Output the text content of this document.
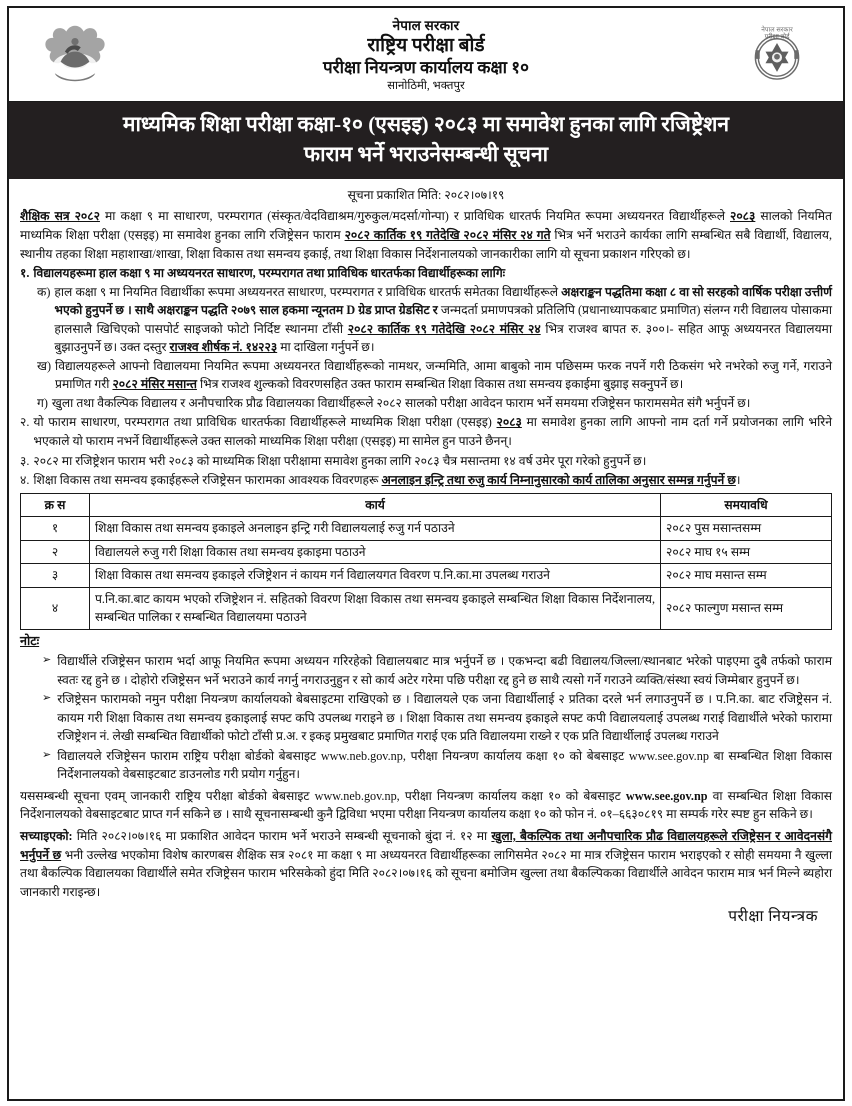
नेपाल सरकार
राष्ट्रिय परीक्षा बोर्ड
परीक्षा नियन्त्रण कार्यालय कक्षा १०
सानोठिमी, भक्तपुर
नेपाल सरकार
परीक्षा बोर्ड
माध्यमिक शिक्षा परीक्षा कक्षा-१० (एसइइ) २०८३ मा समावेश हुनका लागि रजिष्ट्रेशन
फाराम भर्ने भराउनेसम्बन्धी सूचना
सूचना प्रकाशित मिति: २०८२।०७।१९

शैक्षिक सत्र २०८२ मा कक्षा ९ मा साधारण, परम्परागत (संस्कृत/वेदविद्याश्रम/गुरुकुल/मदर्सा/गोन्पा) र प्राविधिक धारतर्फ नियमित रूपमा अध्ययनरत विद्यार्थीहरूले २०८३ सालको नियमित माध्यमिक शिक्षा परीक्षा (एसइइ) मा समावेश हुनका लागि रजिष्ट्रेसन फाराम २०८२ कार्तिक १९ गतेदेखि २०८२ मंसिर २४ गते भित्र भर्ने भराउने कार्यका लागि सम्बन्धित सबै विद्यार्थी, विद्यालय, स्थानीय तहका शिक्षा महाशाखा/शाखा, शिक्षा विकास तथा समन्वय इकाई, तथा शिक्षा विकास निर्देशनालयको जानकारीका लागि यो सूचना प्रकाशन गरिएको छ।

१. विद्यालयहरूमा हाल कक्षा ९ मा अध्ययनरत साधारण, परम्परागत तथा प्राविधिक धारतर्फका विद्यार्थीहरूका लागिः
क) हाल कक्षा ९ मा नियमित विद्यार्थीका रूपमा अध्ययनरत साधारण, परम्परागत र प्राविधिक धारतर्फ समेतका विद्यार्थीहरूले अक्षराङ्कन पद्धतिमा कक्षा ८ वा सो सरहको वार्षिक परीक्षा उत्तीर्ण भएको हुनुपर्ने छ । साथै अक्षराङ्कन पद्धति २०७९ साल हकमा न्यूनतम D ग्रेड प्राप्त ग्रेडसिट र जन्मदर्ता प्रमाणपत्रको प्रतिलिपि (प्रधानाध्यापकबाट प्रमाणित) संलग्न गरी विद्यालय पोसाकमा हालसालै खिचिएको पासपोर्ट साइजको फोटो निर्दिष्ट स्थानमा टाँसी २०८२ कार्तिक १९ गतेदेखि २०८२ मंसिर २४ भित्र राजश्व बापत रु. ३००।- सहित आफू अध्ययनरत विद्यालयमा बुझाउनुपर्ने छ। उक्त दस्तुर राजश्व शीर्षक नं. १४२२३ मा दाखिला गर्नुपर्ने छ।
ख) विद्यालयहरूले आफ्नो विद्यालयमा नियमित रूपमा अध्ययनरत विद्यार्थीहरूको नामथर, जन्ममिति, आमा बाबुको नाम पछिसम्म फरक नपर्ने गरी ठिकसंग भरे नभरेको रुजु गर्ने, गराउने प्रमाणित गरी २०८२ मंसिर मसान्त भित्र राजश्व शुल्कको विवरणसहित उक्त फाराम सम्बन्धित शिक्षा विकास तथा समन्वय इकाईमा बुझाइ सक्नुपर्ने छ।
ग) खुला तथा वैकल्पिक विद्यालय र अनौपचारिक प्रौढ विद्यालयका विद्यार्थीहरूले २०८२ सालको परीक्षा आवेदन फाराम भर्ने समयमा रजिष्ट्रेसन फारामसमेत संगै भर्नुपर्ने छ।
२. यो फाराम साधारण, परम्परागत तथा प्राविधिक धारतर्फका विद्यार्थीहरूले माध्यमिक शिक्षा परीक्षा (एसइइ) २०८३ मा समावेश हुनका लागि आफ्नो नाम दर्ता गर्ने प्रयोजनका लागि भरिने भएकाले यो फाराम नभर्ने विद्यार्थीहरूले उक्त सालको माध्यमिक शिक्षा परीक्षा (एसइइ) मा सामेल हुन पाउने छैनन्।
३. २०८२ मा रजिष्ट्रेशन फाराम भरी २०८३ को माध्यमिक शिक्षा परीक्षामा समावेश हुनका लागि २०८३ चैत्र मसान्तमा १४ वर्ष उमेर पूरा गरेको हुनुपर्ने छ।
४. शिक्षा विकास तथा समन्वय इकाईहरूले रजिष्ट्रेसन फारामका आवश्यक विवरणहरू अनलाइन इन्ट्रि तथा रुजु कार्य निम्नानुसारको कार्य तालिका अनुसार सम्मन्न गर्नुपर्ने छ।
क्र स	कार्य	समयावधि
१	शिक्षा विकास तथा समन्वय इकाइले अनलाइन इन्ट्रि गरी विद्यालयलाई रुजु गर्न पठाउने	२०८२ पुस मसान्तसम्म
२	विद्यालयले रुजु गरी शिक्षा विकास तथा समन्वय इकाइमा पठाउने	२०८२ माघ १५ सम्म
३	शिक्षा विकास तथा समन्वय इकाइले रजिष्ट्रेशन नं कायम गर्न विद्यालयगत विवरण प.नि.का.मा उपलब्ध गराउने	२०८२ माघ मसान्त सम्म
४	प.नि.का.बाट कायम भएको रजिष्ट्रेशन नं. सहितको विवरण शिक्षा विकास तथा समन्वय इकाइले सम्बन्धित शिक्षा विकास निर्देशनालय, सम्बन्धित पालिका र सम्बन्धित विद्यालयमा पठाउने	२०८२ फाल्गुण मसान्त सम्म
नोटः
➢ विद्यार्थीले रजिष्ट्रेसन फाराम भर्दा आफू नियमित रूपमा अध्ययन गरिरहेको विद्यालयबाट मात्र भर्नुपर्ने छ । एकभन्दा बढी विद्यालय/जिल्ला/स्थानबाट भरेको पाइएमा दुबै तर्फको फाराम स्वतः रद्द हुने छ । दोहोरो रजिष्ट्रेसन भर्ने भराउने कार्य नगर्नु नगराउनुहुन र सो कार्य अटेर गरेमा पछि परीक्षा रद्द हुने छ साथै त्यसो गर्ने गराउने व्यक्ति/संस्था स्वयं जिम्मेबार हुनुपर्ने छ।
➢ रजिष्ट्रेसन फारामको नमुन परीक्षा नियन्त्रण कार्यालयको बेबसाइटमा राखिएको छ । विद्यालयले एक जना विद्यार्थीलाई २ प्रतिका दरले भर्न लगाउनुपर्ने छ । प.नि.का. बाट रजिष्ट्रेसन नं. कायम गरी शिक्षा विकास तथा समन्वय इकाइलाई सफ्ट कपि उपलब्ध गराइने छ । शिक्षा विकास तथा समन्वय इकाइले सफ्ट कपी विद्यालयलाई उपलब्ध गराई विद्यार्थीले भरेको फारामा रजिष्ट्रेशन नं. लेखी सम्बन्धित विद्यार्थीको फोटो टाँसी प्र.अ. र इकइ प्रमुखबाट प्रमाणित गराई एक प्रति विद्यालयमा राख्ने र एक प्रति विद्यार्थीलाई उपलब्ध गराउने
➢ विद्यालयले रजिष्ट्रेसन फाराम राष्ट्रिय परीक्षा बोर्डको बेबसाइट www.neb.gov.np, परीक्षा नियन्त्रण कार्यालय कक्षा १० को बेबसाइट www.see.gov.np बा सम्बन्धित शिक्षा विकास निर्देशनालयको वेबसाइटबाट डाउनलोड गरी प्रयोग गर्नुहुन।

यससम्बन्धी सूचना एवम् जानकारी राष्ट्रिय परीक्षा बोर्डको बेबसाइट www.neb.gov.np, परीक्षा नियन्त्रण कार्यालय कक्षा १० को बेबसाइट www.see.gov.np वा सम्बन्धित शिक्षा विकास निर्देशनालयको वेबसाइटबाट प्राप्त गर्न सकिने छ । साथै सूचनासम्बन्धी कुनै द्विविधा भएमा परीक्षा नियन्त्रण कार्यालय कक्षा १० को फोन नं. ०१–६६३०८१९ मा सम्पर्क गरेर स्पष्ट हुन सकिने छ।

सच्याइएको: मिति २०८२।०७।१६ मा प्रकाशित आवेदन फाराम भर्ने भराउने सम्बन्धी सूचनाको बुंदा नं. १२ मा खुला, बैकल्पिक तथा अनौपचारिक प्रौढ विद्यालयहरूले रजिष्ट्रेसन र आवेदनसंगै भर्नुपर्ने छ भनी उल्लेख भएकोमा विशेष कारणबस शैक्षिक सत्र २०८१ मा कक्षा ९ मा अध्ययनरत विद्यार्थीहरूका लागिसमेत २०८२ मा मात्र रजिष्ट्रेसन फाराम भराइएको र सोही समयमा नै खुल्ला तथा बैकल्पिक विद्यालयका विद्यार्थीले समेत रजिष्ट्रेसन फाराम भरिसकेको हुंदा मिति २०८२।०७।१६ को सूचना बमोजिम खुल्ला तथा बैकल्पिकका विद्यार्थीले आवेदन फाराम मात्र भर्न मिल्ने ब्यहोरा जानकारी गराइन्छ।

परीक्षा नियन्त्रक
